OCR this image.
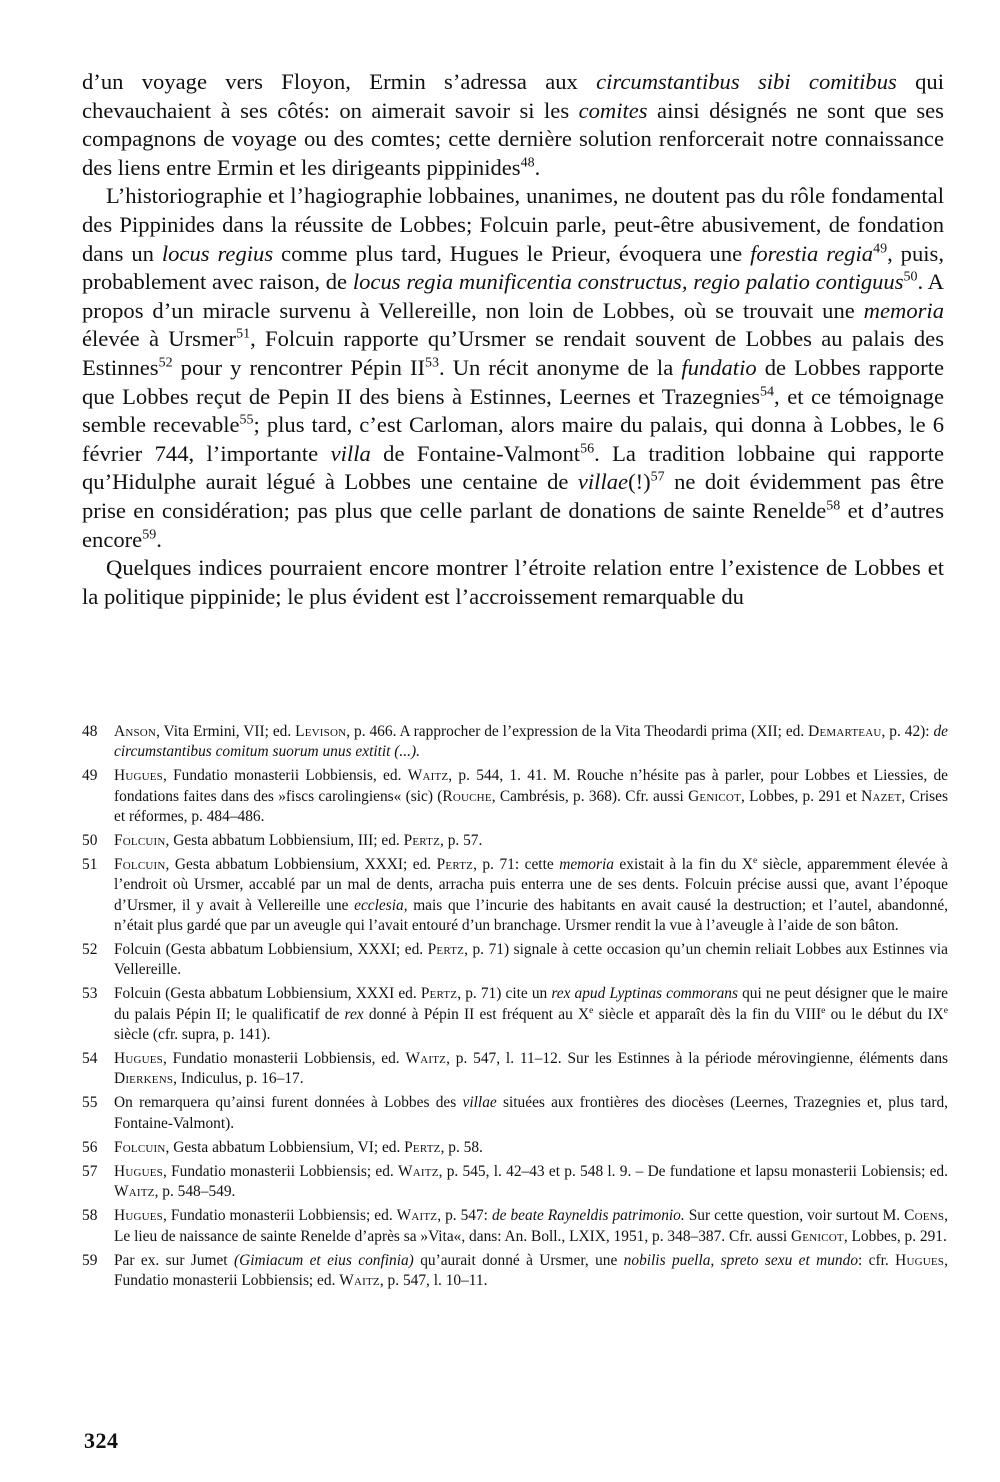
d’un voyage vers Floyon, Ermin s’adressa aux circumstantibus sibi comitibus qui chevauchaient à ses côtés: on aimerait savoir si les comites ainsi désignés ne sont que ses compagnons de voyage ou des comtes; cette dernière solution renforcerait notre connaissance des liens entre Ermin et les dirigeants pippinides$^{48}$.

L’historiographie et l’hagiographie lobbaines, unanimes, ne doutent pas du rôle fondamental des Pippinides dans la réussite de Lobbes; Folcuin parle, peut-être abusivement, de fondation dans un locus regius comme plus tard, Hugues le Prieur, évoquera une forestia regia$^{49}$, puis, probablement avec raison, de locus regia munificentia constructus, regio palatio contiguus$^{50}$. A propos d’un miracle survenu à Vellereille, non loin de Lobbes, où se trouvait une memoria élevée à Ursmer$^{51}$, Folcuin rapporte qu’Ursmer se rendait souvent de Lobbes au palais des Estinnes$^{52}$ pour y rencontrer Pépin II$^{53}$. Un récit anonyme de la fundatio de Lobbes rapporte que Lobbes reçut de Pepin II des biens à Estinnes, Leernes et Trazegnies$^{54}$, et ce témoignage semble recevable$^{55}$; plus tard, c’est Carloman, alors maire du palais, qui donna à Lobbes, le 6 février 744, l’importante villa de Fontaine-Valmont$^{56}$. La tradition lobbaine qui rapporte qu’Hidulphe aurait légué à Lobbes une centaine de villae(!)$^{57}$ ne doit évidemment pas être prise en considération; pas plus que celle parlant de donations de sainte Renelde$^{58}$ et d’autres encore$^{59}$.

Quelques indices pourraient encore montrer l’étroite relation entre l’existence de Lobbes et la politique pippinide; le plus évident est l’accroissement remarquable du

48	Anson, Vita Ermini, VII; ed. Levison, p. 466. A rapprocher de l’expression de la Vita Theodardi prima (XII; ed. Demarteau, p. 42): de circumstantibus comitum suorum unus extitit (...).
49	Hugues, Fundatio monasterii Lobbiensis, ed. Waitz, p. 544, 1. 41. M. Rouche n’hésite pas à parler, pour Lobbes et Liessies, de fondations faites dans des »fiscs carolingiens« (sic) (Rouche, Cambrésis, p. 368). Cfr. aussi Genicot, Lobbes, p. 291 et Nazet, Crises et réformes, p. 484–486.
50	Folcuin, Gesta abbatum Lobbiensium, III; ed. Pertz, p. 57.
51	Folcuin, Gesta abbatum Lobbiensium, XXXI; ed. Pertz, p. 71: cette memoria existait à la fin du Xe siècle, apparemment élevée à l’endroit où Ursmer, accablé par un mal de dents, arracha puis enterra une de ses dents. Folcuin précise aussi que, avant l’époque d’Ursmer, il y avait à Vellereille une ecclesia, mais que l’incurie des habitants en avait causé la destruction; et l’autel, abandonné, n’était plus gardé que par un aveugle qui l’avait entouré d’un branchage. Ursmer rendit la vue à l’aveugle à l’aide de son bâton.
52	Folcuin (Gesta abbatum Lobbiensium, XXXI; ed. Pertz, p. 71) signale à cette occasion qu’un chemin reliait Lobbes aux Estinnes via Vellereille.
53	Folcuin (Gesta abbatum Lobbiensium, XXXI ed. Pertz, p. 71) cite un rex apud Lyptinas commorans qui ne peut désigner que le maire du palais Pépin II; le qualificatif de rex donné à Pépin II est fréquent au Xe siècle et apparaît dès la fin du VIIIe ou le début du IXe siècle (cfr. supra, p. 141).
54	Hugues, Fundatio monasterii Lobbiensis, ed. Waitz, p. 547, l. 11–12. Sur les Estinnes à la période mérovingienne, éléments dans Dierkens, Indiculus, p. 16–17.
55	On remarquera qu’ainsi furent données à Lobbes des villae situées aux frontières des diocèses (Leernes, Trazegnies et, plus tard, Fontaine-Valmont).
56	Folcuin, Gesta abbatum Lobbiensium, VI; ed. Pertz, p. 58.
57	Hugues, Fundatio monasterii Lobbiensis; ed. Waitz, p. 545, l. 42–43 et p. 548 l. 9. – De fundatione et lapsu monasterii Lobiensis; ed. Waitz, p. 548–549.
58	Hugues, Fundatio monasterii Lobbiensis; ed. Waitz, p. 547: de beate Rayneldis patrimonio. Sur cette question, voir surtout M. Coens, Le lieu de naissance de sainte Renelde d’après sa »Vita«, dans: An. Boll., LXIX, 1951, p. 348–387. Cfr. aussi Genicot, Lobbes, p. 291.
59	Par ex. sur Jumet (Gimiacum et eius confinia) qu’aurait donné à Ursmer, une nobilis puella, spreto sexu et mundo: cfr. Hugues, Fundatio monasterii Lobbiensis; ed. Waitz, p. 547, l. 10–11.
324
